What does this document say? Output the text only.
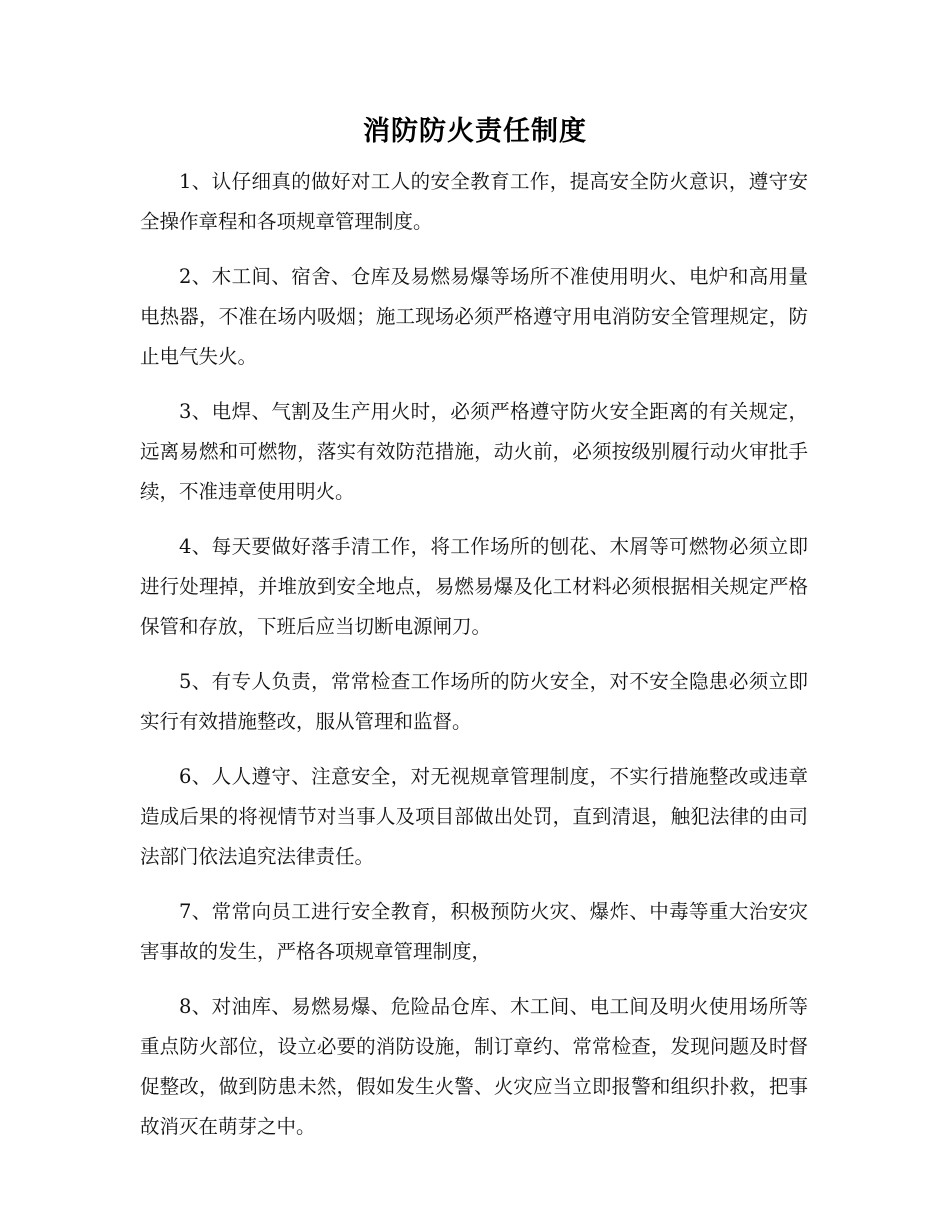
消防防火责任制度

1、认仔细真的做好对工人的安全教育工作，提高安全防火意识，遵守安全操作章程和各项规章管理制度。

2、木工间、宿舍、仓库及易燃易爆等场所不准使用明火、电炉和高用量电热器，不准在场内吸烟；施工现场必须严格遵守用电消防安全管理规定，防止电气失火。

3、电焊、气割及生产用火时，必须严格遵守防火安全距离的有关规定，远离易燃和可燃物，落实有效防范措施，动火前，必须按级别履行动火审批手续，不准违章使用明火。

4、每天要做好落手清工作，将工作场所的刨花、木屑等可燃物必须立即进行处理掉，并堆放到安全地点，易燃易爆及化工材料必须根据相关规定严格保管和存放，下班后应当切断电源闸刀。

5、有专人负责，常常检查工作场所的防火安全，对不安全隐患必须立即实行有效措施整改，服从管理和监督。

6、人人遵守、注意安全，对无视规章管理制度，不实行措施整改或违章造成后果的将视情节对当事人及项目部做出处罚，直到清退，触犯法律的由司法部门依法追究法律责任。

7、常常向员工进行安全教育，积极预防火灾、爆炸、中毒等重大治安灾害事故的发生，严格各项规章管理制度，

8、对油库、易燃易爆、危险品仓库、木工间、电工间及明火使用场所等重点防火部位，设立必要的消防设施，制订章约、常常检查，发现问题及时督促整改，做到防患未然，假如发生火警、火灾应当立即报警和组织扑救，把事故消灭在萌芽之中。
